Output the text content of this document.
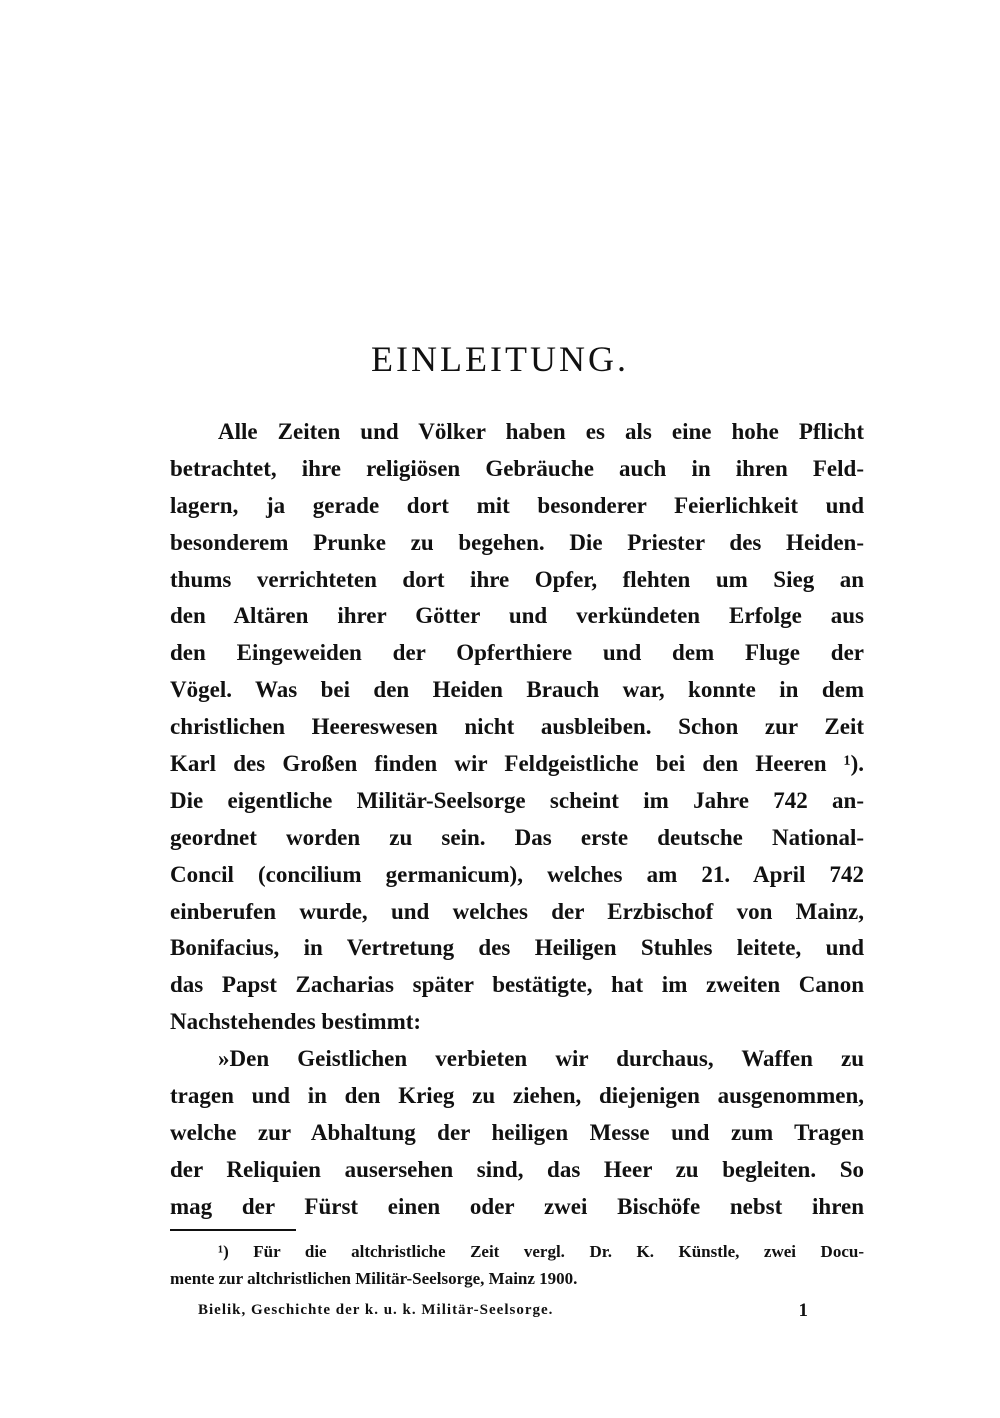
EINLEITUNG.
Alle Zeiten und Völker haben es als eine hohe Pflicht
betrachtet, ihre religiösen Gebräuche auch in ihren Feld-
lagern, ja gerade dort mit besonderer Feierlichkeit und
besonderem Prunke zu begehen. Die Priester des Heiden-
thums verrichteten dort ihre Opfer, flehten um Sieg an
den Altären ihrer Götter und verkündeten Erfolge aus
den Eingeweiden der Opferthiere und dem Fluge der
Vögel. Was bei den Heiden Brauch war, konnte in dem
christlichen Heereswesen nicht ausbleiben. Schon zur Zeit
Karl des Großen finden wir Feldgeistliche bei den Heeren ¹).
Die eigentliche Militär-Seelsorge scheint im Jahre 742 an-
geordnet worden zu sein. Das erste deutsche National-
Concil (concilium germanicum), welches am 21. April 742
einberufen wurde, und welches der Erzbischof von Mainz,
Bonifacius, in Vertretung des Heiligen Stuhles leitete, und
das Papst Zacharias später bestätigte, hat im zweiten Canon
Nachstehendes bestimmt:
»Den Geistlichen verbieten wir durchaus, Waffen zu
tragen und in den Krieg zu ziehen, diejenigen ausgenommen,
welche zur Abhaltung der heiligen Messe und zum Tragen
der Reliquien ausersehen sind, das Heer zu begleiten. So
mag der Fürst einen oder zwei Bischöfe nebst ihren
¹) Für die altchristliche Zeit vergl. Dr. K. Künstle, zwei Docu-
mente zur altchristlichen Militär-Seelsorge, Mainz 1900.
Bielik, Geschichte der k. u. k. Militär-Seelsorge.	1
